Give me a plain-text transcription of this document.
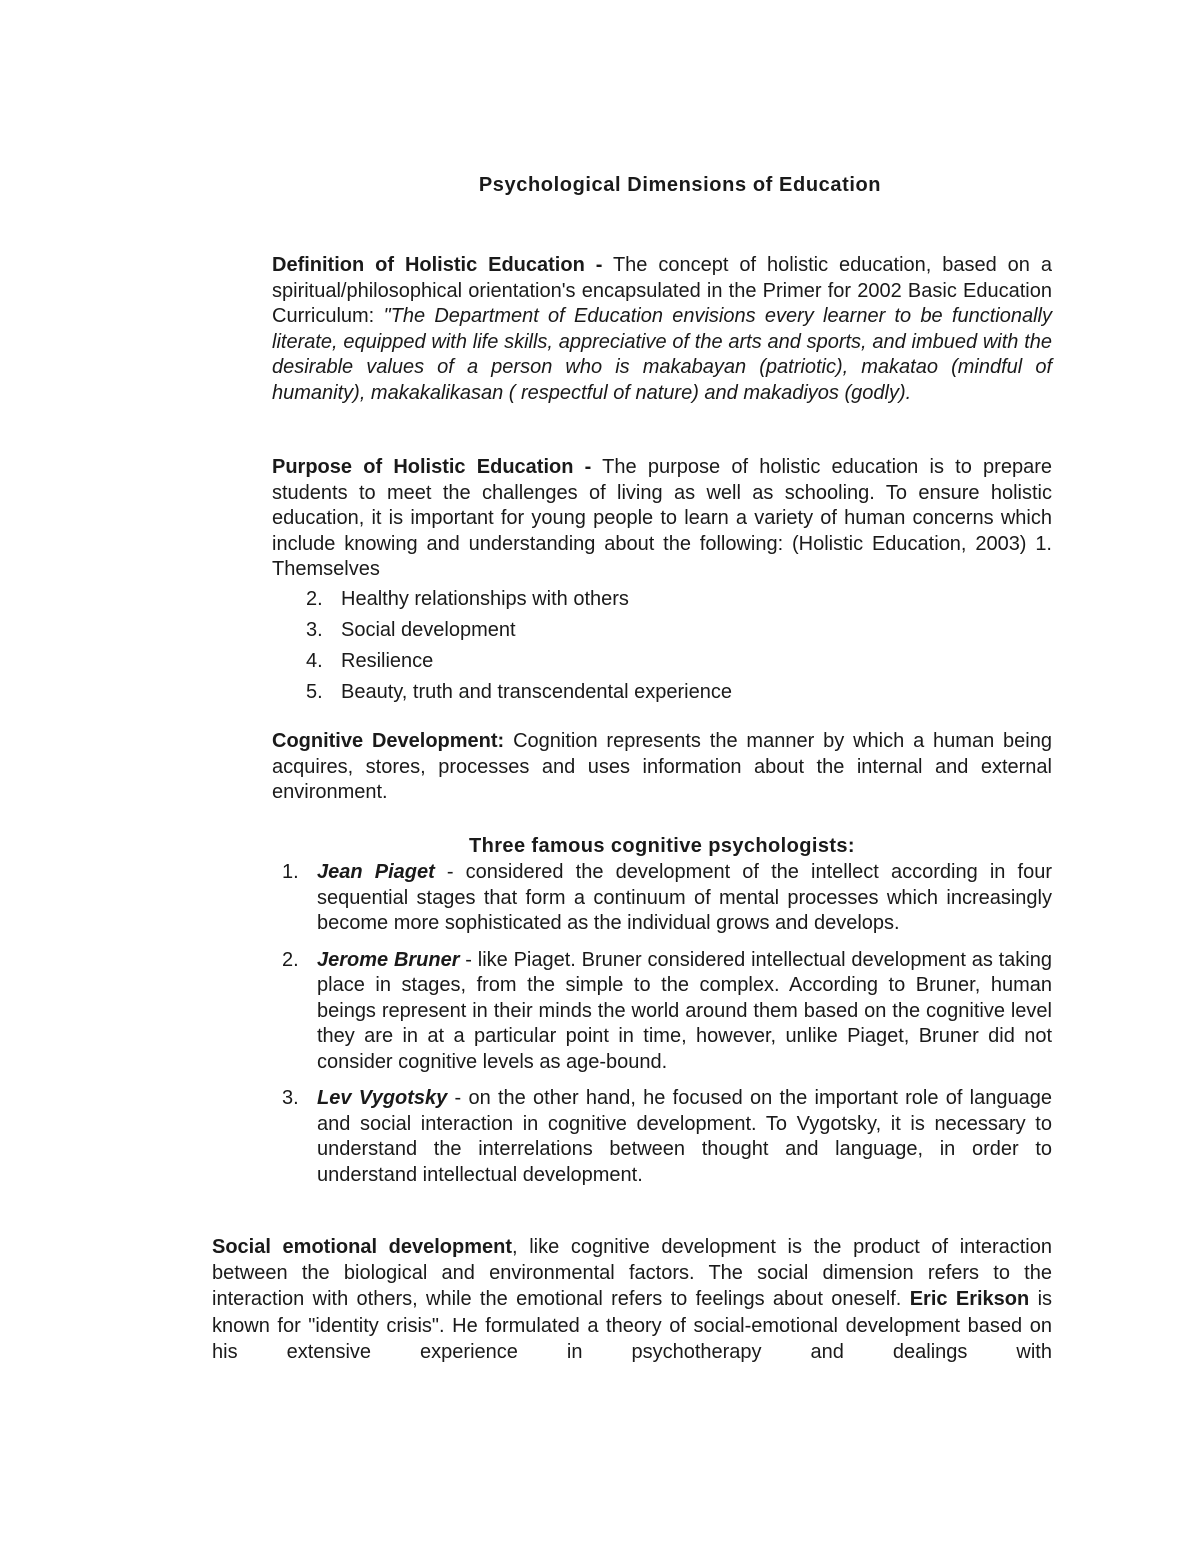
Psychological Dimensions of Education
Definition of Holistic Education - The concept of holistic education, based on a spiritual/philosophical orientation's encapsulated in the Primer for 2002 Basic Education Curriculum: "The Department of Education envisions every learner to be functionally literate, equipped with life skills, appreciative of the arts and sports, and imbued with the desirable values of a person who is makabayan (patriotic), makatao (mindful of humanity), makakalikasan ( respectful of nature) and makadiyos (godly).
Purpose of Holistic Education - The purpose of holistic education is to prepare students to meet the challenges of living as well as schooling. To ensure holistic education, it is important for young people to learn a variety of human concerns which include knowing and understanding about the following: (Holistic Education, 2003) 1. Themselves
2. Healthy relationships with others
3. Social development
4. Resilience
5. Beauty, truth and transcendental experience
Cognitive Development: Cognition represents the manner by which a human being acquires, stores, processes and uses information about the internal and external environment.
Three famous cognitive psychologists:
1. Jean Piaget - considered the development of the intellect according in four sequential stages that form a continuum of mental processes which increasingly become more sophisticated as the individual grows and develops.
2. Jerome Bruner - like Piaget. Bruner considered intellectual development as taking place in stages, from the simple to the complex. According to Bruner, human beings represent in their minds the world around them based on the cognitive level they are in at a particular point in time, however, unlike Piaget, Bruner did not consider cognitive levels as age-bound.
3. Lev Vygotsky - on the other hand, he focused on the important role of language and social interaction in cognitive development. To Vygotsky, it is necessary to understand the interrelations between thought and language, in order to understand intellectual development.
Social emotional development, like cognitive development is the product of interaction between the biological and environmental factors. The social dimension refers to the interaction with others, while the emotional refers to feelings about oneself. Eric Erikson is known for "identity crisis". He formulated a theory of social-emotional development based on his extensive experience in psychotherapy and dealings with
